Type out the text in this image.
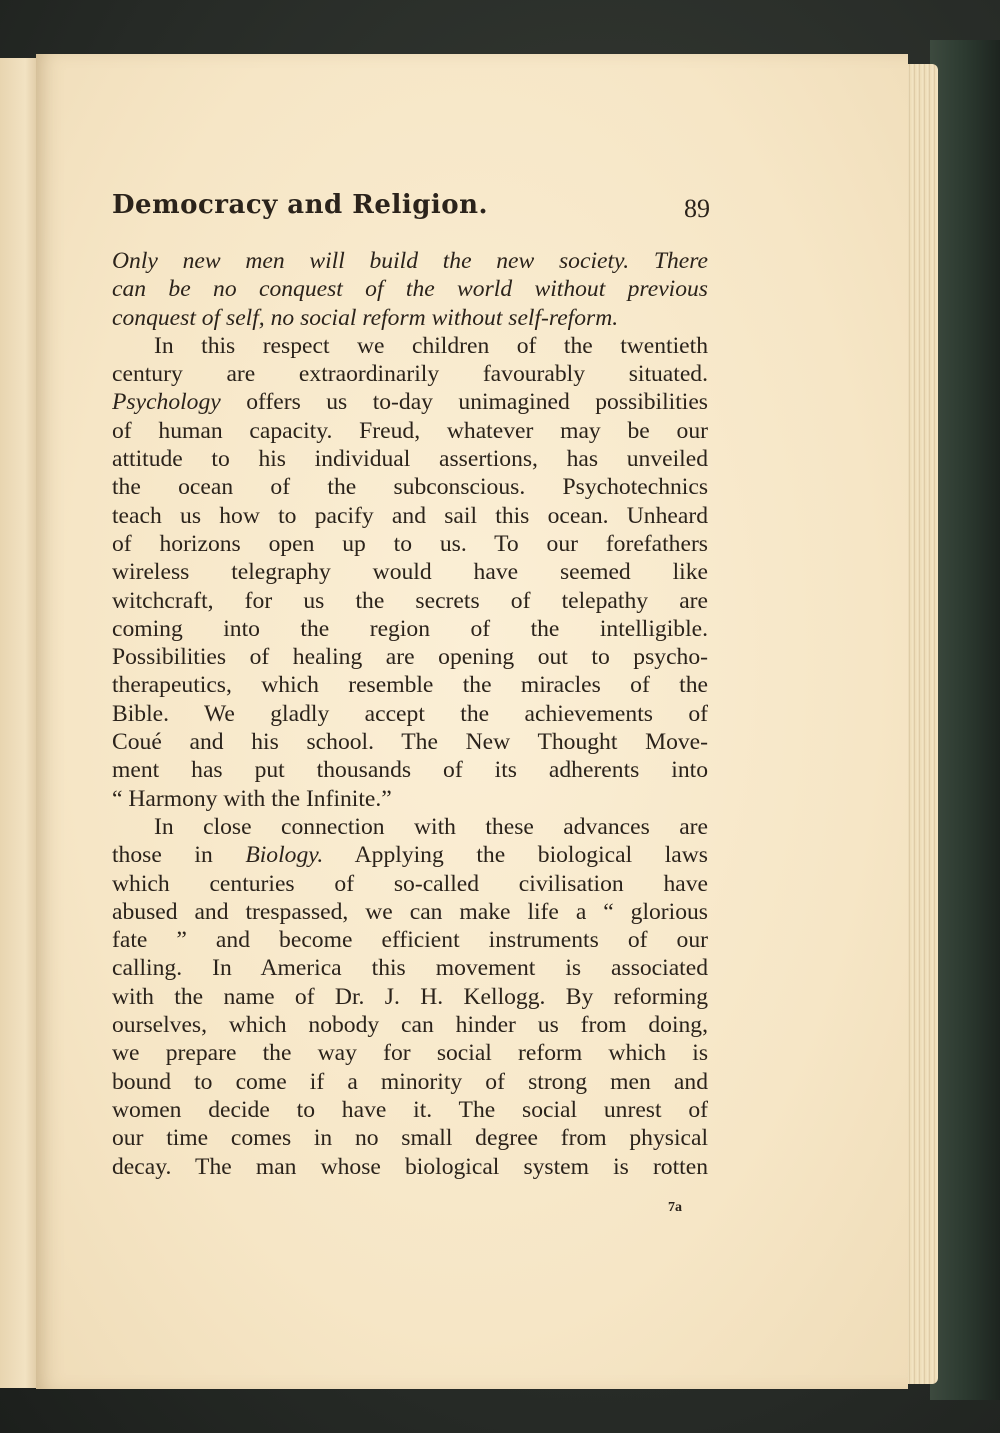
Democracy and Religion.	89
Only new men will build the new society. There
can be no conquest of the world without previous
conquest of self, no social reform without self-reform.
In this respect we children of the twentieth
century are extraordinarily favourably situated.
Psychology offers us to-day unimagined possibilities
of human capacity. Freud, whatever may be our
attitude to his individual assertions, has unveiled
the ocean of the subconscious. Psychotechnics
teach us how to pacify and sail this ocean. Unheard
of horizons open up to us. To our forefathers
wireless telegraphy would have seemed like
witchcraft, for us the secrets of telepathy are
coming into the region of the intelligible.
Possibilities of healing are opening out to psycho-
therapeutics, which resemble the miracles of the
Bible. We gladly accept the achievements of
Coué and his school. The New Thought Move-
ment has put thousands of its adherents into
“ Harmony with the Infinite.”
In close connection with these advances are
those in Biology. Applying the biological laws
which centuries of so-called civilisation have
abused and trespassed, we can make life a “ glorious
fate ” and become efficient instruments of our
calling. In America this movement is associated
with the name of Dr. J. H. Kellogg. By reforming
ourselves, which nobody can hinder us from doing,
we prepare the way for social reform which is
bound to come if a minority of strong men and
women decide to have it. The social unrest of
our time comes in no small degree from physical
decay. The man whose biological system is rotten
7a
